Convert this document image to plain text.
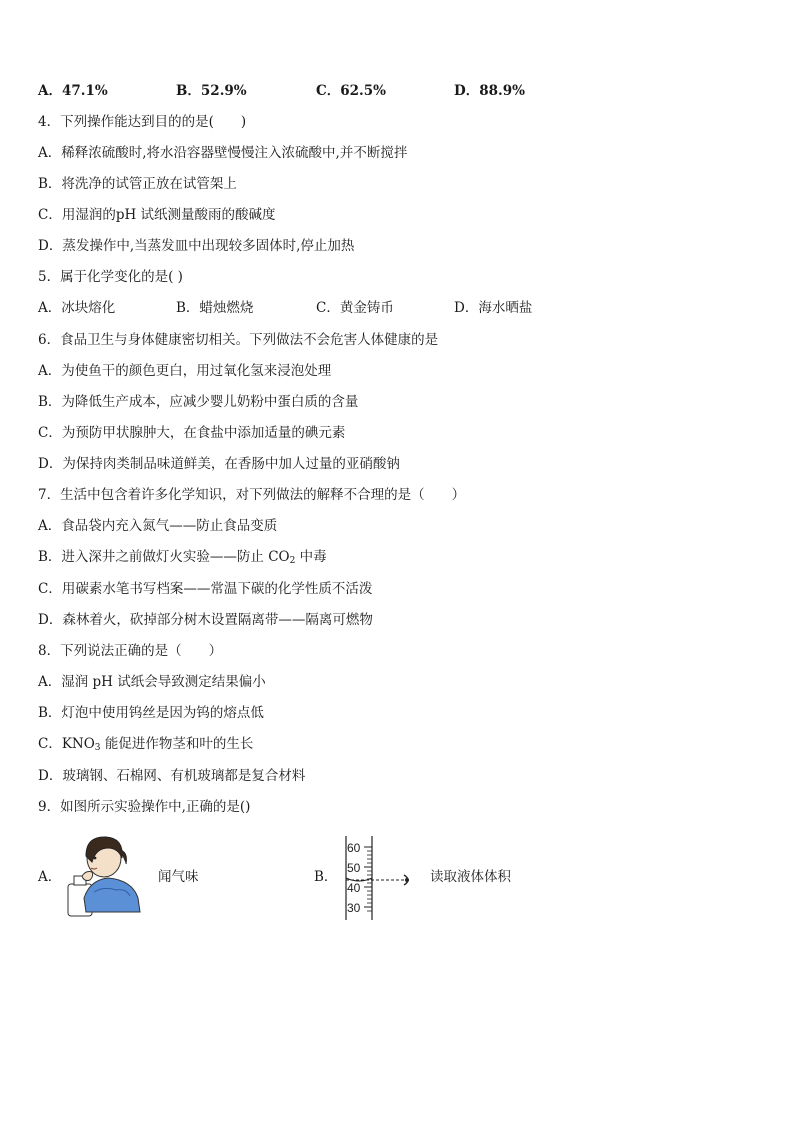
A．47.1%	B．52.9%	C．62.5%	D．88.9%
4．下列操作能达到目的的是(　　)
A．稀释浓硫酸时,将水沿容器壁慢慢注入浓硫酸中,并不断搅拌
B．将洗净的试管正放在试管架上
C．用湿润的pH 试纸测量酸雨的酸碱度
D．蒸发操作中,当蒸发皿中出现较多固体时,停止加热
5．属于化学变化的是( )
A．冰块熔化	B．蜡烛燃烧	C．黄金铸币	D．海水晒盐
6．食品卫生与身体健康密切相关。下列做法不会危害人体健康的是
A．为使鱼干的颜色更白，用过氧化氢来浸泡处理
B．为降低生产成本，应减少婴儿奶粉中蛋白质的含量
C．为预防甲状腺肿大，在食盐中添加适量的碘元素
D．为保持肉类制品味道鲜美，在香肠中加人过量的亚硝酸钠
7．生活中包含着许多化学知识，对下列做法的解释不合理的是（　　）
A．食品袋内充入氮气——防止食品变质
B．进入深井之前做灯火实验——防止 $CO_2$ 中毒
C．用碳素水笔书写档案——常温下碳的化学性质不活泼
D．森林着火，砍掉部分树木设置隔离带——隔离可燃物
8．下列说法正确的是（　　）
A．湿润 pH 试纸会导致测定结果偏小
B．灯泡中使用钨丝是因为钨的熔点低
C．$KNO_3$ 能促进作物茎和叶的生长
D．玻璃钢、石棉网、有机玻璃都是复合材料
9．如图所示实验操作中,正确的是()
A．	闻气味	B．
60
50
40
30
读取液体体积
